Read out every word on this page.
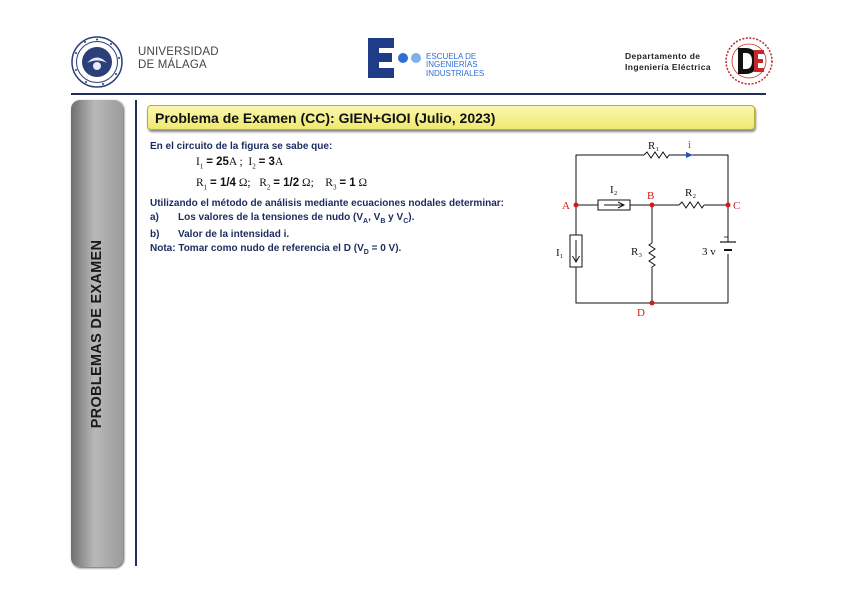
UNIVERSIDAD
DE MÁLAGA
ESCUELA DE
INGENIERÍAS
INDUSTRIALES
Departamento de
Ingeniería Eléctrica
PROBLEMAS DE EXAMEN
Problema de Examen (CC): GIEN+GIOI (Julio, 2023)

En el circuito de la figura se sabe que:

$I_1 = 25A$ ;  $I_2 = 3A$
$R_1 = 1/4$ Ω;   $R_2 = 1/2$ Ω;    $R_3 = 1$ Ω

Utilizando el método de análisis mediante ecuaciones nodales determinar:

a)	Los valores de la tensiones de nudo ($V_A$, $V_B$ y $V_C$).
b)	Valor de la intensidad i.

Nota: Tomar como nudo de referencia el D ($V_D = 0$ V).

R₁
I₂	R₂
R₃
I₁	3 v
i
A
B
C
D
